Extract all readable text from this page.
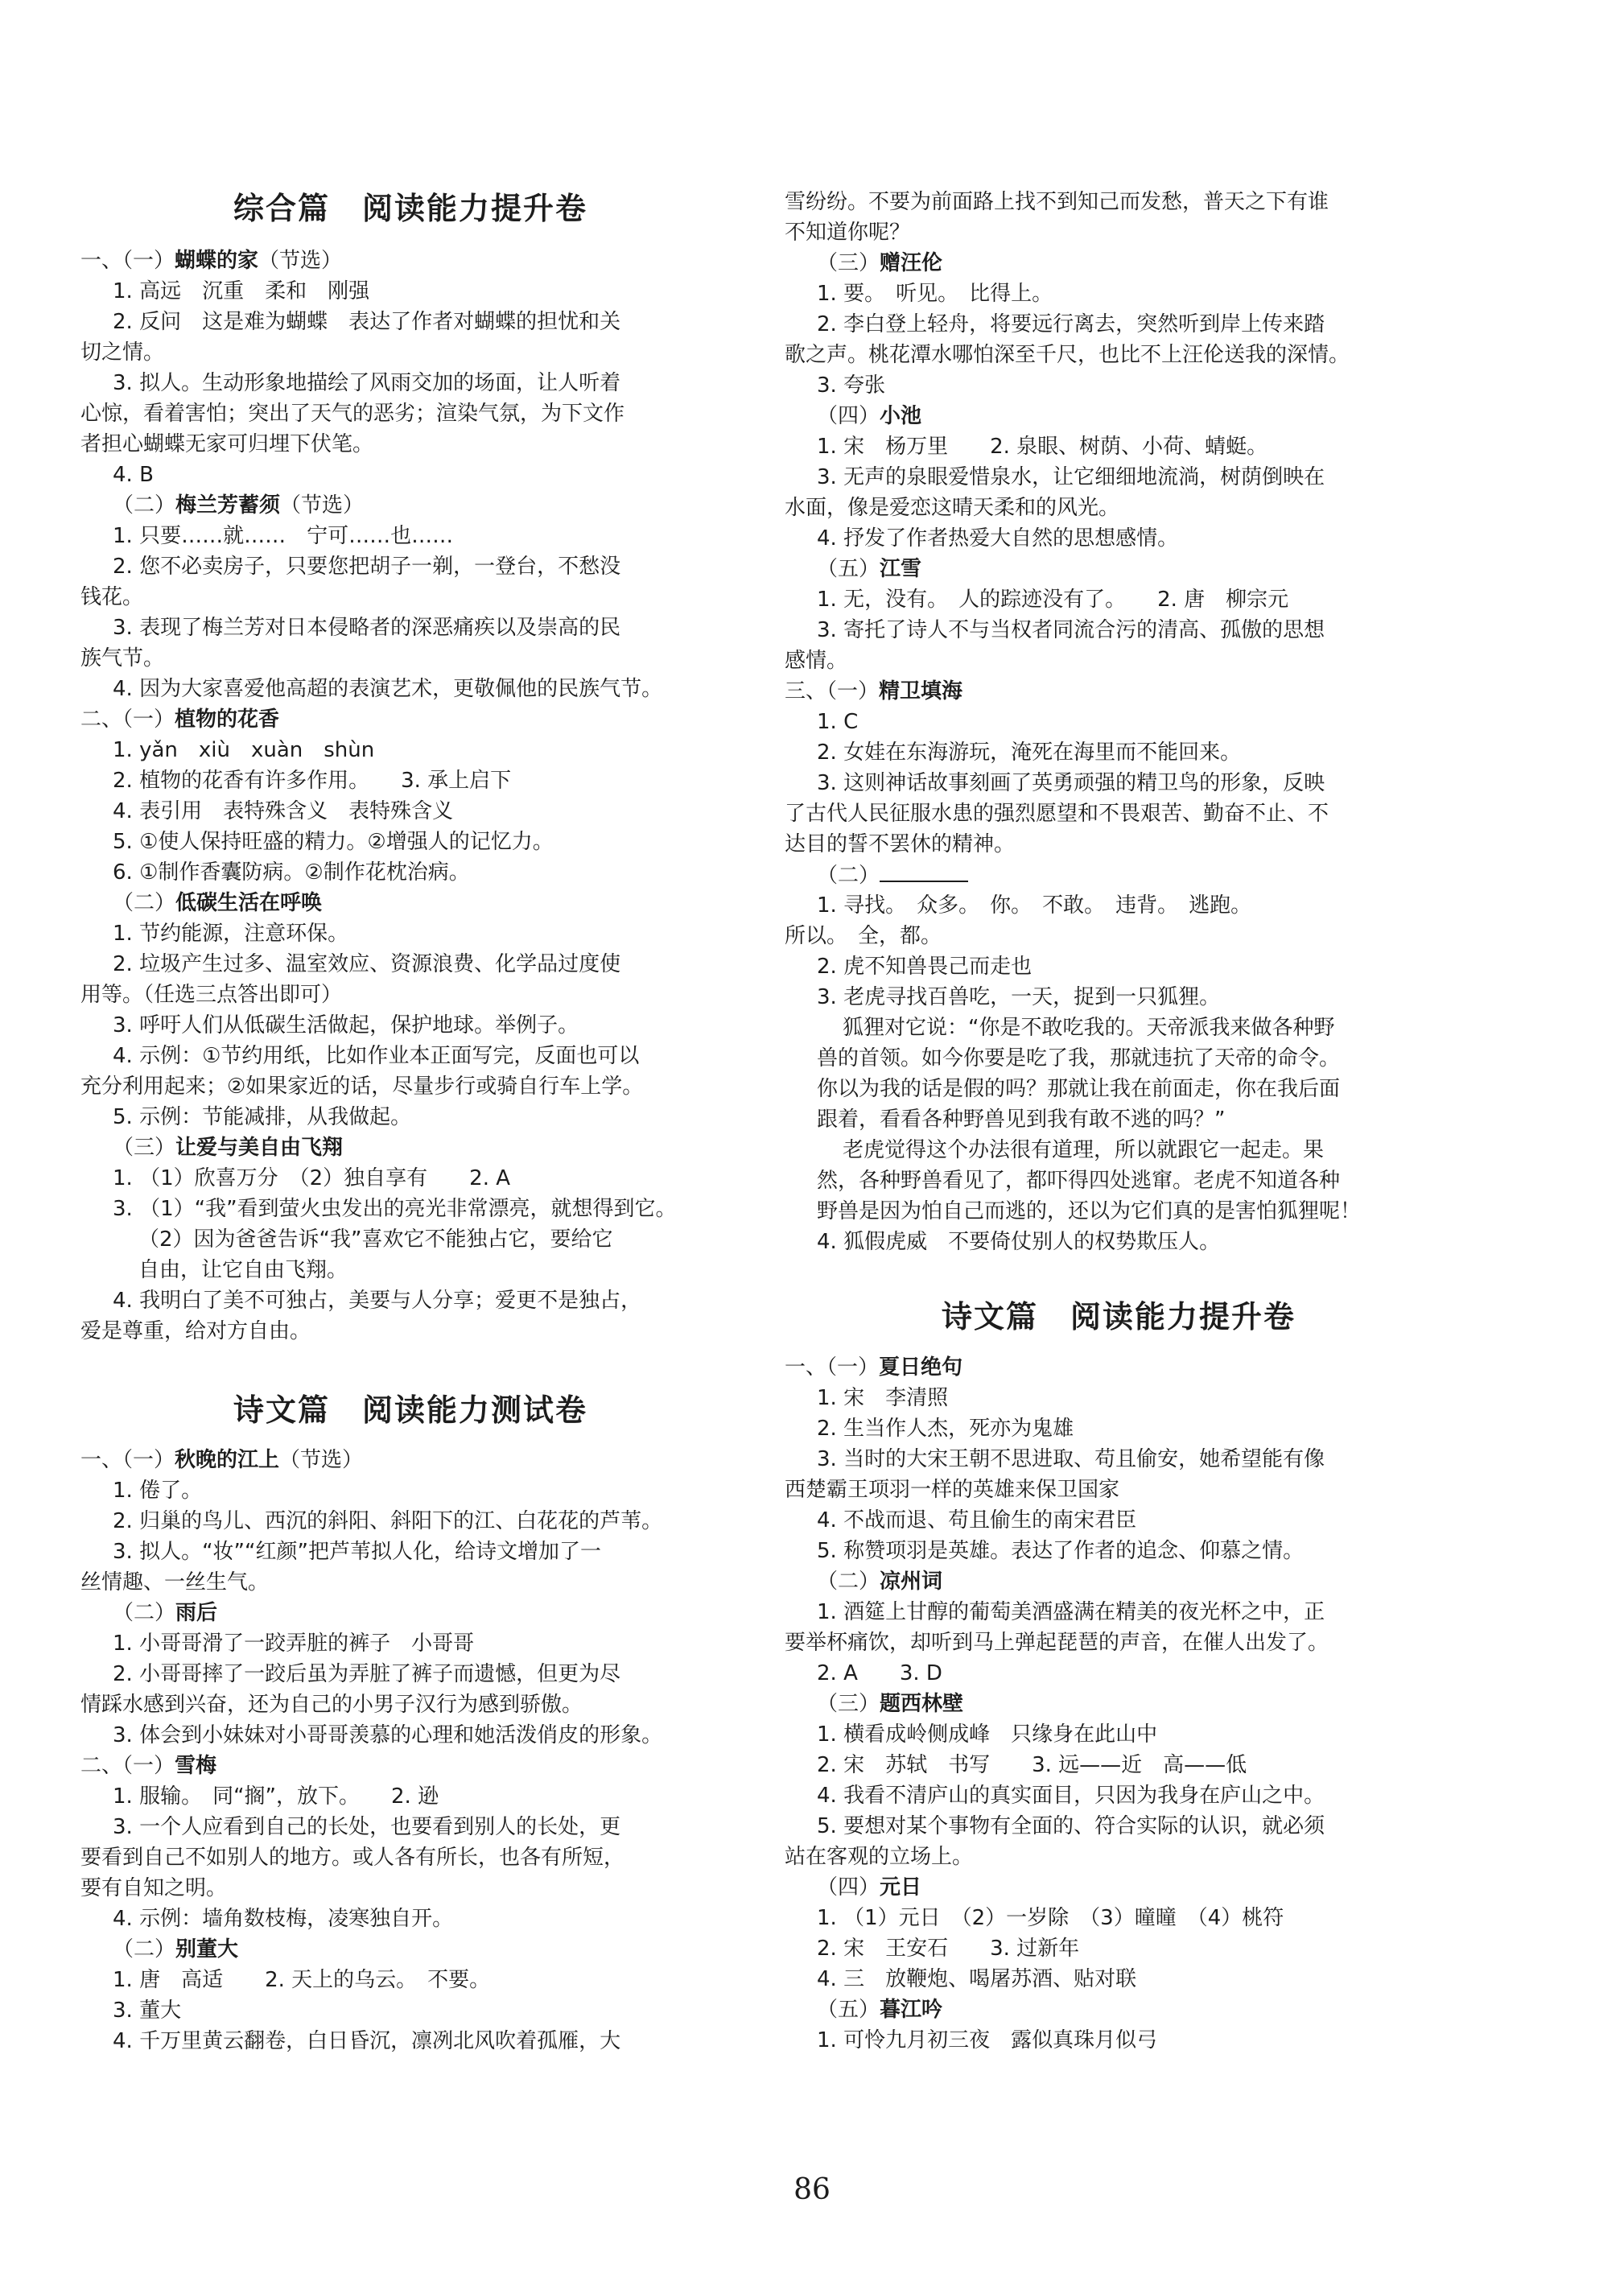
综合篇　阅读能力提升卷
一、（一）蝴蝶的家（节选）
1. 高远　沉重　柔和　刚强
2. 反问　这是难为蝴蝶　表达了作者对蝴蝶的担忧和关
切之情。
3. 拟人。生动形象地描绘了风雨交加的场面，让人听着
心惊，看着害怕；突出了天气的恶劣；渲染气氛，为下文作
者担心蝴蝶无家可归埋下伏笔。
4. B
（二）梅兰芳蓄须（节选）
1. 只要……就……　宁可……也……
2. 您不必卖房子，只要您把胡子一剃，一登台，不愁没
钱花。
3. 表现了梅兰芳对日本侵略者的深恶痛疾以及崇高的民
族气节。
4. 因为大家喜爱他高超的表演艺术，更敬佩他的民族气节。
二、（一）植物的花香
1. yǎn　xiù　xuàn　shùn
2. 植物的花香有许多作用。　　3. 承上启下
4. 表引用　表特殊含义　表特殊含义
5. ①使人保持旺盛的精力。②增强人的记忆力。
6. ①制作香囊防病。②制作花枕治病。
（二）低碳生活在呼唤
1. 节约能源，注意环保。
2. 垃圾产生过多、温室效应、资源浪费、化学品过度使
用等。（任选三点答出即可）
3. 呼吁人们从低碳生活做起，保护地球。举例子。
4. 示例：①节约用纸，比如作业本正面写完，反面也可以
充分利用起来；②如果家近的话，尽量步行或骑自行车上学。
5. 示例：节能减排，从我做起。
（三）让爱与美自由飞翔
1. （1）欣喜万分　（2）独自享有　　2. A
3. （1）“我”看到萤火虫发出的亮光非常漂亮，就想得到它。
（2）因为爸爸告诉“我”喜欢它不能独占它，要给它
自由，让它自由飞翔。
4. 我明白了美不可独占，美要与人分享；爱更不是独占，
爱是尊重，给对方自由。
诗文篇　阅读能力测试卷
一、（一）秋晚的江上（节选）
1. 倦了。
2. 归巢的鸟儿、西沉的斜阳、斜阳下的江、白花花的芦苇。
3. 拟人。“妆”“红颜”把芦苇拟人化，给诗文增加了一
丝情趣、一丝生气。
（二）雨后
1. 小哥哥滑了一跤弄脏的裤子　小哥哥
2. 小哥哥摔了一跤后虽为弄脏了裤子而遗憾，但更为尽
情踩水感到兴奋，还为自己的小男子汉行为感到骄傲。
3. 体会到小妹妹对小哥哥羡慕的心理和她活泼俏皮的形象。
二、（一）雪梅
1. 服输。　同“搁”，放下。　　2. 逊
3. 一个人应看到自己的长处，也要看到别人的长处，更
要看到自己不如别人的地方。或人各有所长，也各有所短，
要有自知之明。
4. 示例：墙角数枝梅，凌寒独自开。
（二）别董大
1. 唐　高适　　2. 天上的乌云。　不要。
3. 董大
4. 千万里黄云翻卷，白日昏沉，凛冽北风吹着孤雁，大
雪纷纷。不要为前面路上找不到知己而发愁，普天之下有谁
不知道你呢？
（三）赠汪伦
1. 要。　听见。　比得上。
2. 李白登上轻舟，将要远行离去，突然听到岸上传来踏
歌之声。桃花潭水哪怕深至千尺，也比不上汪伦送我的深情。
3. 夸张
（四）小池
1. 宋　杨万里　　2. 泉眼、树荫、小荷、蜻蜓。
3. 无声的泉眼爱惜泉水，让它细细地流淌，树荫倒映在
水面，像是爱恋这晴天柔和的风光。
4. 抒发了作者热爱大自然的思想感情。
（五）江雪
1. 无，没有。　人的踪迹没有了。　　2. 唐　柳宗元
3. 寄托了诗人不与当权者同流合污的清高、孤傲的思想
感情。
三、（一）精卫填海
1. C
2. 女娃在东海游玩，淹死在海里而不能回来。
3. 这则神话故事刻画了英勇顽强的精卫鸟的形象，反映
了古代人民征服水患的强烈愿望和不畏艰苦、勤奋不止、不
达目的誓不罢休的精神。
（二）
1. 寻找。　众多。　你。　不敢。　违背。　逃跑。
所以。　全，都。
2. 虎不知兽畏己而走也
3. 老虎寻找百兽吃，一天，捉到一只狐狸。
狐狸对它说：“你是不敢吃我的。天帝派我来做各种野
兽的首领。如今你要是吃了我，那就违抗了天帝的命令。
你以为我的话是假的吗？那就让我在前面走，你在我后面
跟着，看看各种野兽见到我有敢不逃的吗？”
老虎觉得这个办法很有道理，所以就跟它一起走。果
然，各种野兽看见了，都吓得四处逃窜。老虎不知道各种
野兽是因为怕自己而逃的，还以为它们真的是害怕狐狸呢！
4. 狐假虎威　不要倚仗别人的权势欺压人。
诗文篇　阅读能力提升卷
一、（一）夏日绝句
1. 宋　李清照
2. 生当作人杰，死亦为鬼雄
3. 当时的大宋王朝不思进取、苟且偷安，她希望能有像
西楚霸王项羽一样的英雄来保卫国家
4. 不战而退、苟且偷生的南宋君臣
5. 称赞项羽是英雄。表达了作者的追念、仰慕之情。
（二）凉州词
1. 酒筵上甘醇的葡萄美酒盛满在精美的夜光杯之中，正
要举杯痛饮，却听到马上弹起琵琶的声音，在催人出发了。
2. A　　3. D
（三）题西林壁
1. 横看成岭侧成峰　只缘身在此山中
2. 宋　苏轼　书写　　3. 远——近　高——低
4. 我看不清庐山的真实面目，只因为我身在庐山之中。
5. 要想对某个事物有全面的、符合实际的认识，就必须
站在客观的立场上。
（四）元日
1. （1）元日　（2）一岁除　（3）曈曈　（4）桃符
2. 宋　王安石　　3. 过新年
4. 三　放鞭炮、喝屠苏酒、贴对联
（五）暮江吟
1. 可怜九月初三夜　露似真珠月似弓
86
